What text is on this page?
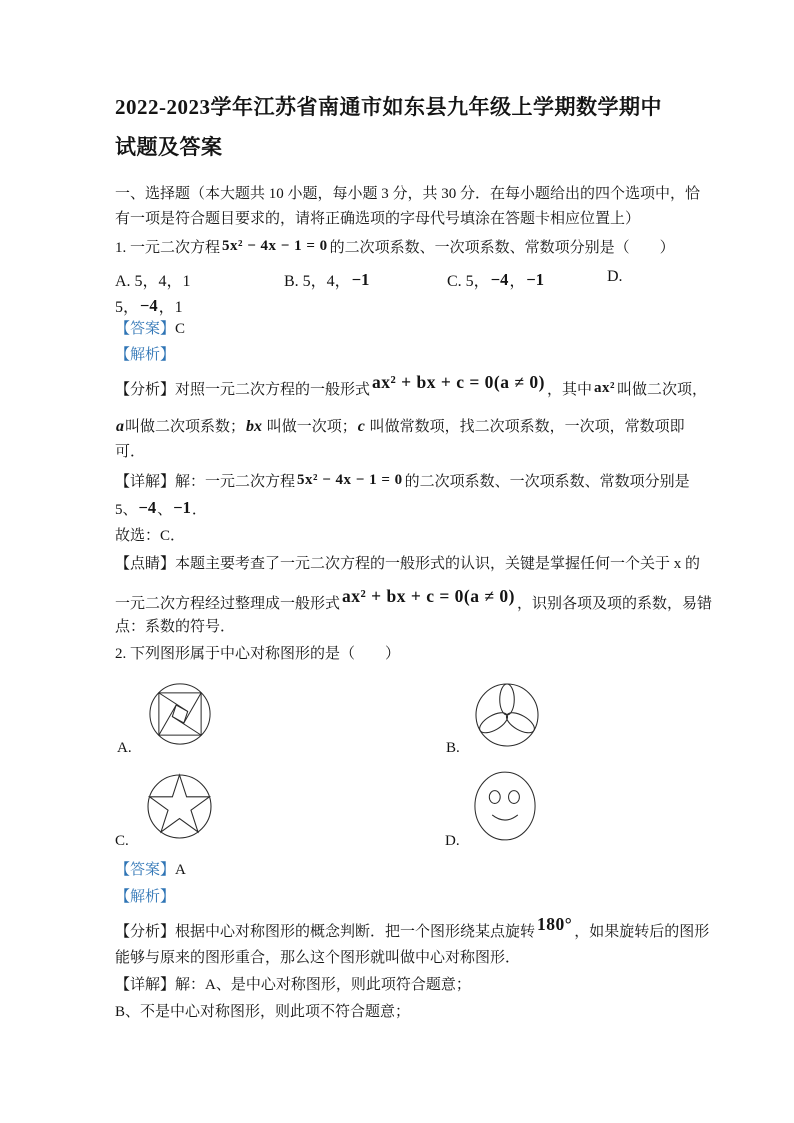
2022-2023学年江苏省南通市如东县九年级上学期数学期中
试题及答案
一、选择题（本大题共 10 小题，每小题 3 分，共 30 分．在每小题给出的四个选项中，恰
有一项是符合题目要求的，请将正确选项的字母代号填涂在答题卡相应位置上）
1. 一元二次方程 5x² − 4x − 1 = 0 的二次项系数、一次项系数、常数项分别是（　　）
A. 5，4，1	B. 5，4，−1	C. 5，−4，−1	D.
5，−4，1
【答案】C
【解析】
【分析】对照一元二次方程的一般形式 ax² + bx + c = 0(a ≠ 0) ，其中 ax² 叫做二次项，
a叫做二次项系数；bx 叫做一次项；c 叫做常数项，找二次项系数，一次项，常数项即
可．
【详解】解：一元二次方程 5x² − 4x − 1 = 0 的二次项系数、一次项系数、常数项分别是
5、−4、−1．
故选：C．
【点睛】本题主要考查了一元二次方程的一般形式的认识，关键是掌握任何一个关于 x 的
一元二次方程经过整理成一般形式 ax² + bx + c = 0(a ≠ 0) ，识别各项及项的系数，易错
点：系数的符号．
2. 下列图形属于中心对称图形的是（　　）
A.	B.
C.	D.
【答案】A
【解析】
【分析】根据中心对称图形的概念判断．把一个图形绕某点旋转 180° ，如果旋转后的图形
能够与原来的图形重合，那么这个图形就叫做中心对称图形．
【详解】解：A、是中心对称图形，则此项符合题意；
B、不是中心对称图形，则此项不符合题意；
